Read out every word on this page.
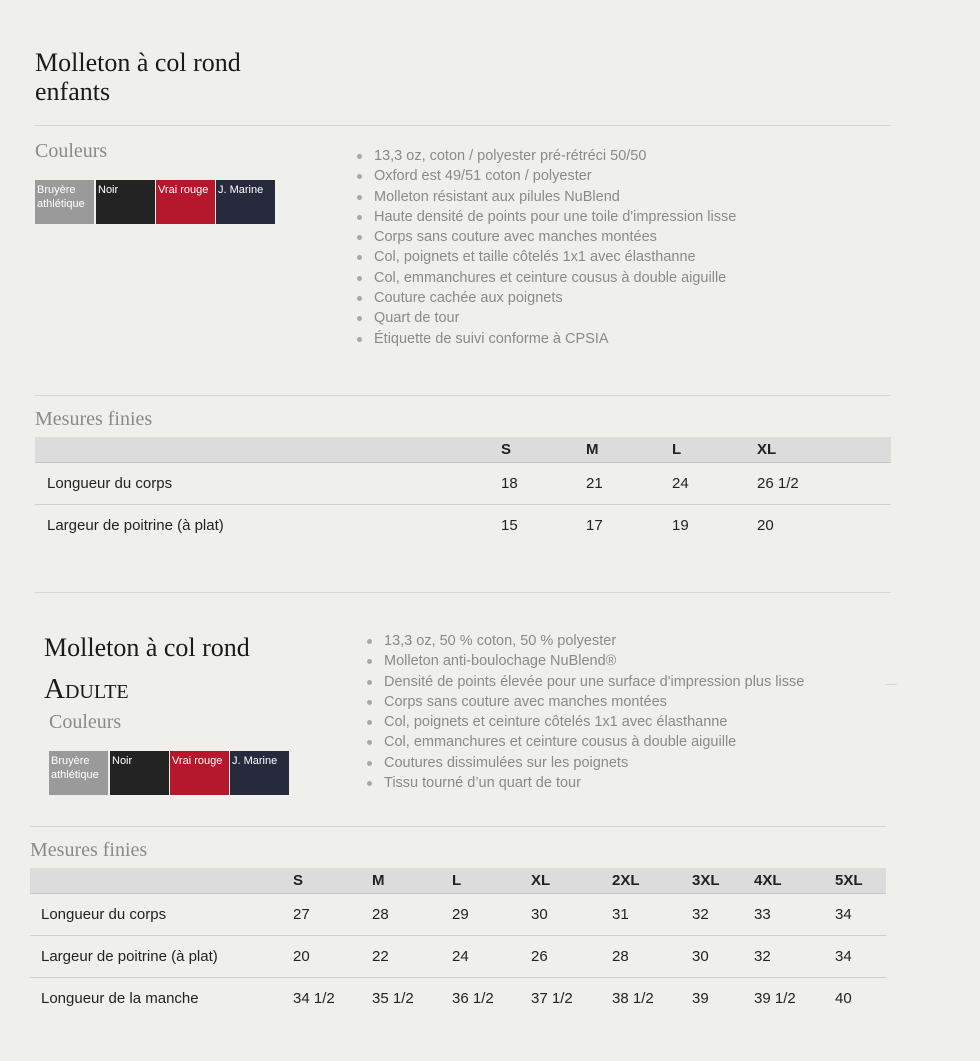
Molleton à col rond
enfants
Couleurs
Bruyère athlétique
Noir	Vrai rouge J. Marine
13,3 oz, coton / polyester pré-rétréci 50/50
Oxford est 49/51 coton / polyester
Molleton résistant aux pilules NuBlend
Haute densité de points pour une toile d'impression lisse
Corps sans couture avec manches montées
Col, poignets et taille côtelés 1x1 avec élasthanne
Col, emmanchures et ceinture cousus à double aiguille
Couture cachée aux poignets
Quart de tour
Étiquette de suivi conforme à CPSIA
Mesures finies
	S	M	L	XL
Longueur du corps	18	21	24	26 1/2
Largeur de poitrine (à plat)	15	17	19	20
Molleton à col rond
Adulte
Couleurs
Bruyère athlétique
Noir	Vrai rouge J. Marine
13,3 oz, 50 % coton, 50 % polyester
Molleton anti-boulochage NuBlend®
Densité de points élevée pour une surface d'impression plus lisse
Corps sans couture avec manches montées
Col, poignets et ceinture côtelés 1x1 avec élasthanne
Col, emmanchures et ceinture cousus à double aiguille
Coutures dissimulées sur les poignets
Tissu tourné d’un quart de tour
Mesures finies
	S	M	L	XL	2XL	3XL	4XL	5XL
Longueur du corps	27	28	29	30	31	32	33	34
Largeur de poitrine (à plat)	20	22	24	26	28	30	32	34
Longueur de la manche	34 1/2	35 1/2	36 1/2	37 1/2	38 1/2	39	39 1/2	40
